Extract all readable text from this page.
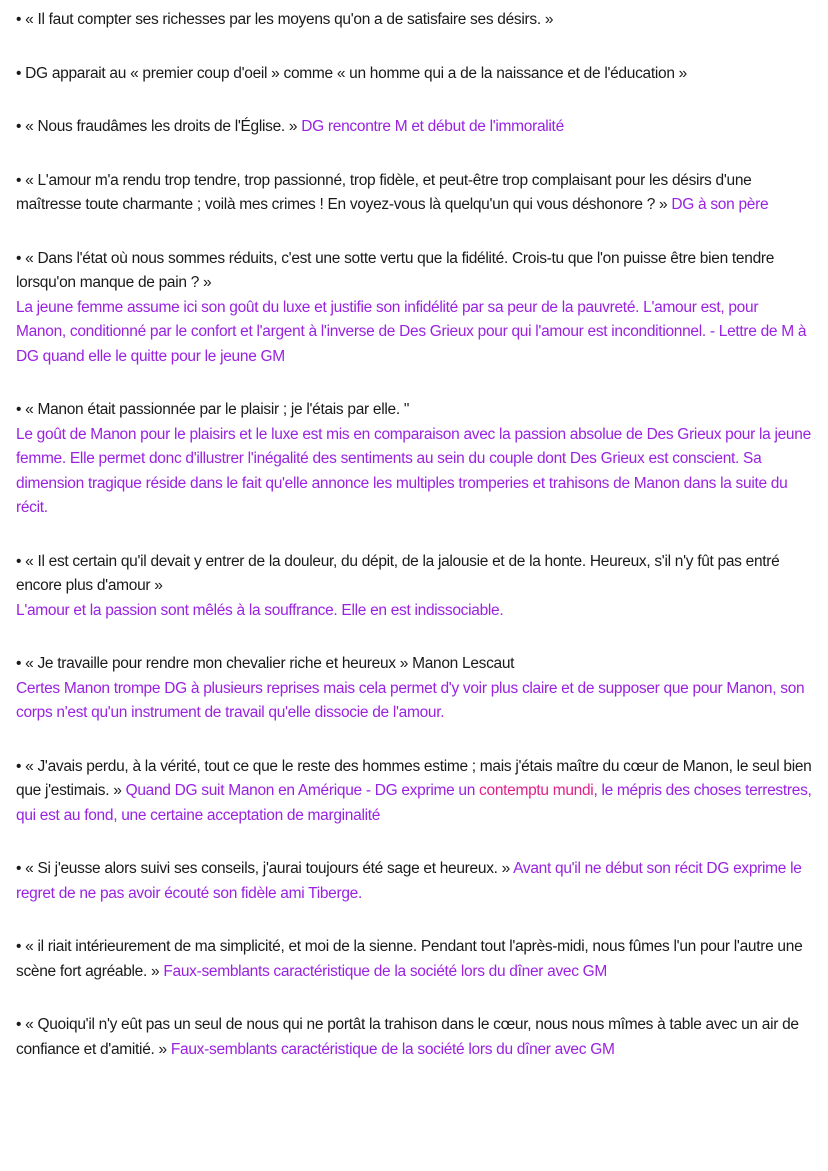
• « Il faut compter ses richesses par les moyens qu'on a de satisfaire ses désirs. »

• DG apparait au « premier coup d'oeil » comme « un homme qui a de la naissance et de l'éducation »

• « Nous fraudâmes les droits de l'Église. » DG rencontre M et début de l'immoralité

• « L'amour m'a rendu trop tendre, trop passionné, trop fidèle, et peut-être trop complaisant pour les désirs d'une maîtresse toute charmante ; voilà mes crimes ! En voyez-vous là quelqu'un qui vous déshonore ? » DG à son père

• « Dans l'état où nous sommes réduits, c'est une sotte vertu que la fidélité. Crois-tu que l'on puisse être bien tendre lorsqu'on manque de pain ? »
La jeune femme assume ici son goût du luxe et justifie son infidélité par sa peur de la pauvreté. L'amour est, pour Manon, conditionné par le confort et l'argent à l'inverse de Des Grieux pour qui l'amour est inconditionnel. - Lettre de M à DG quand elle le quitte pour le jeune GM

• « Manon était passionnée par le plaisir ; je l'étais par elle. "
Le goût de Manon pour le plaisirs et le luxe est mis en comparaison avec la passion absolue de Des Grieux pour la jeune femme. Elle permet donc d'illustrer l'inégalité des sentiments au sein du couple dont Des Grieux est conscient. Sa dimension tragique réside dans le fait qu'elle annonce les multiples tromperies et trahisons de Manon dans la suite du récit.

• « Il est certain qu'il devait y entrer de la douleur, du dépit, de la jalousie et de la honte. Heureux, s'il n'y fût pas entré encore plus d'amour »
L'amour et la passion sont mêlés à la souffrance. Elle en est indissociable.

• « Je travaille pour rendre mon chevalier riche et heureux » Manon Lescaut
Certes Manon trompe DG à plusieurs reprises mais cela permet d'y voir plus claire et de supposer que pour Manon, son corps n'est qu'un instrument de travail qu'elle dissocie de l'amour.

• « J'avais perdu, à la vérité, tout ce que le reste des hommes estime ; mais j'étais maître du cœur de Manon, le seul bien que j'estimais. » Quand DG suit Manon en Amérique - DG exprime un contemptu mundi, le mépris des choses terrestres, qui est au fond, une certaine acceptation de marginalité

• « Si j'eusse alors suivi ses conseils, j'aurai toujours été sage et heureux. » Avant qu'il ne début son récit DG exprime le regret de ne pas avoir écouté son fidèle ami Tiberge.

• « il riait intérieurement de ma simplicité, et moi de la sienne. Pendant tout l'après-midi, nous fûmes l'un pour l'autre une scène fort agréable. » Faux-semblants caractéristique de la société lors du dîner avec GM

• « Quoiqu'il n'y eût pas un seul de nous qui ne portât la trahison dans le cœur, nous nous mîmes à table avec un air de confiance et d'amitié. » Faux-semblants caractéristique de la société lors du dîner avec GM
